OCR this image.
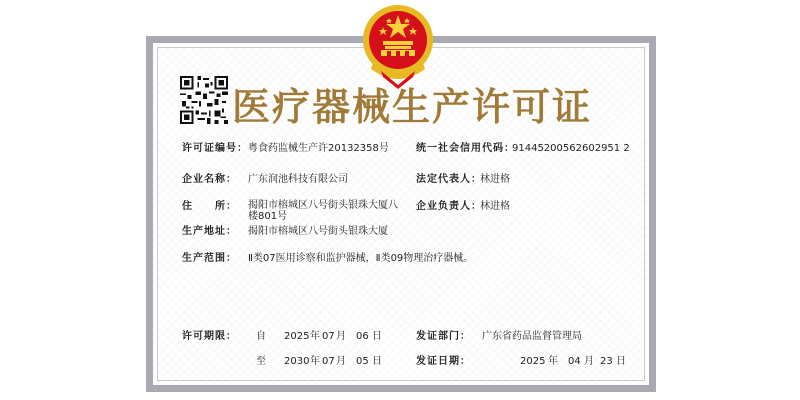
医疗器械生产许可证
许可证编号： 粤食药监械生产许20132358号	统一社会信用代码：
91445200562602951 2
企业名称： 广东润池科技有限公司	法定代表人：
林进格
住　　所： 揭阳市榕城区八号街头银珠大厦八楼801号
企业负责人：
林进格
生产地址： 揭阳市榕城区八号街头银珠大厦
生产范围： Ⅱ类07医用诊察和监护器械，Ⅱ类09物理治疗器械。
许可期限： 自 2025 年 07 月 06 日	发证部门： 广东省药品监督管理局
至 2030 年 07 月 05 日	发证日期：	2025 年 04 月 23 日
